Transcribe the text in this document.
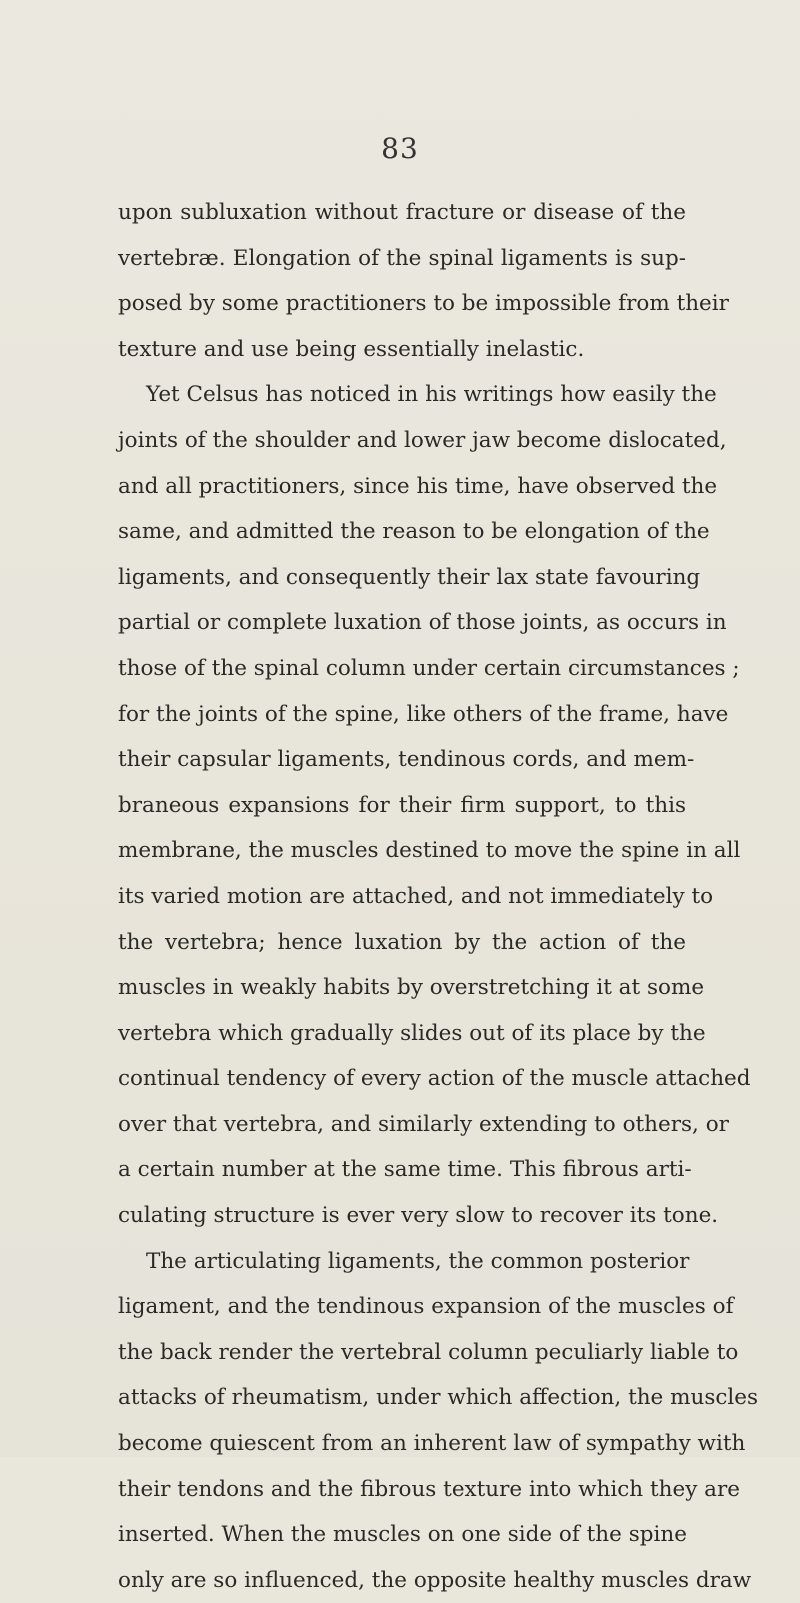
83
upon subluxation without fracture or disease of the
vertebræ. Elongation of the spinal ligaments is sup-
posed by some practitioners to be impossible from their
texture and use being essentially inelastic.
Yet Celsus has noticed in his writings how easily the
joints of the shoulder and lower jaw become dislocated,
and all practitioners, since his time, have observed the
same, and admitted the reason to be elongation of the
ligaments, and consequently their lax state favouring
partial or complete luxation of those joints, as occurs in
those of the spinal column under certain circumstances ;
for the joints of the spine, like others of the frame, have
their capsular ligaments, tendinous cords, and mem-
braneous expansions for their firm support, to this
membrane, the muscles destined to move the spine in all
its varied motion are attached, and not immediately to
the vertebra; hence luxation by the action of the
muscles in weakly habits by overstretching it at some
vertebra which gradually slides out of its place by the
continual tendency of every action of the muscle attached
over that vertebra, and similarly extending to others, or
a certain number at the same time. This fibrous arti-
culating structure is ever very slow to recover its tone.
The articulating ligaments, the common posterior
ligament, and the tendinous expansion of the muscles of
the back render the vertebral column peculiarly liable to
attacks of rheumatism, under which affection, the muscles
become quiescent from an inherent law of sympathy with
their tendons and the fibrous texture into which they are
inserted. When the muscles on one side of the spine
only are so influenced, the opposite healthy muscles draw
